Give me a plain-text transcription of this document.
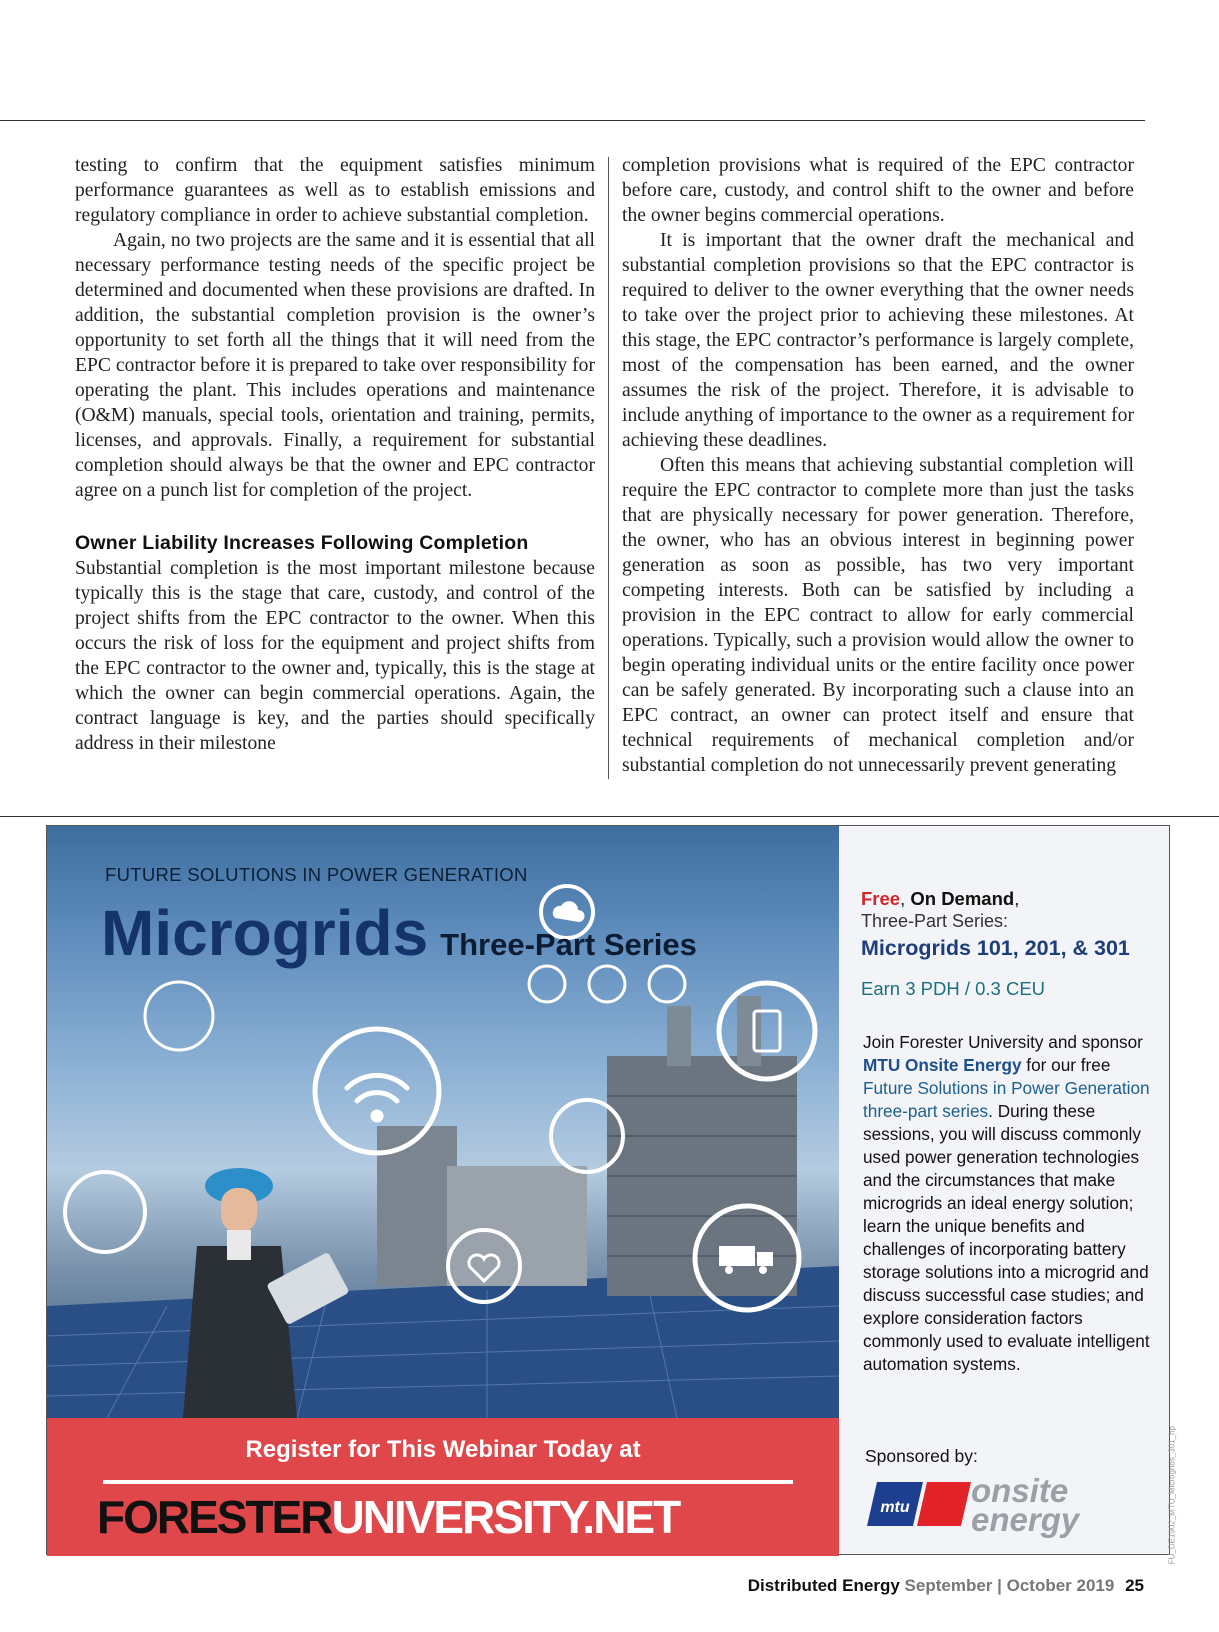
testing to confirm that the equipment satisfies minimum performance guarantees as well as to establish emissions and regulatory compliance in order to achieve substantial completion.

Again, no two projects are the same and it is essential that all necessary performance testing needs of the specific project be determined and documented when these provisions are drafted. In addition, the substantial completion provision is the owner’s opportunity to set forth all the things that it will need from the EPC contractor before it is prepared to take over responsibility for operating the plant. This includes operations and maintenance (O&M) manuals, special tools, orientation and training, permits, licenses, and approvals. Finally, a requirement for substantial completion should always be that the owner and EPC contractor agree on a punch list for completion of the project.

Owner Liability Increases Following Completion

Substantial completion is the most important milestone because typically this is the stage that care, custody, and control of the project shifts from the EPC contractor to the owner. When this occurs the risk of loss for the equipment and project shifts from the EPC contractor to the owner and, typically, this is the stage at which the owner can begin commercial operations. Again, the contract language is key, and the parties should specifically address in their milestone

completion provisions what is required of the EPC contractor before care, custody, and control shift to the owner and before the owner begins commercial operations.

It is important that the owner draft the mechanical and substantial completion provisions so that the EPC contractor is required to deliver to the owner everything that the owner needs to take over the project prior to achieving these milestones. At this stage, the EPC contractor’s performance is largely complete, most of the compensation has been earned, and the owner assumes the risk of the project. Therefore, it is advisable to include anything of importance to the owner as a requirement for achieving these deadlines.

Often this means that achieving substantial completion will require the EPC contractor to complete more than just the tasks that are physically necessary for power generation. Therefore, the owner, who has an obvious interest in beginning power generation as soon as possible, has two very important competing interests. Both can be satisfied by including a provision in the EPC contract to allow for early commercial operations. Typically, such a provision would allow the owner to begin operating individual units or the entire facility once power can be safely generated. By incorporating such a clause into an EPC contract, an owner can protect itself and ensure that technical requirements of mechanical completion and/or substantial completion do not unnecessarily prevent generating

FUTURE SOLUTIONS IN POWER GENERATION
Microgrids Three-Part Series
Register for This Webinar Today at
FORESTERUNIVERSITY.NET
Free, On Demand,
Three-Part Series:
Microgrids 101, 201, & 301
Earn 3 PDH / 0.3 CEU
Join Forester University and sponsor MTU Onsite Energy for our free Future Solutions in Power Generation three-part series. During these sessions, you will discuss commonly used power generation technologies and the circumstances that make microgrids an ideal energy solution; learn the unique benefits and challenges of incorporating battery storage solutions into a microgrid and discuss successful case studies; and explore consideration factors commonly used to evaluate intelligent automation systems.
Sponsored by:
mtu onsite
energy	FU_DE1902_MTU_Microgrids_301_hp
Distributed Energy September | October 2019 25
